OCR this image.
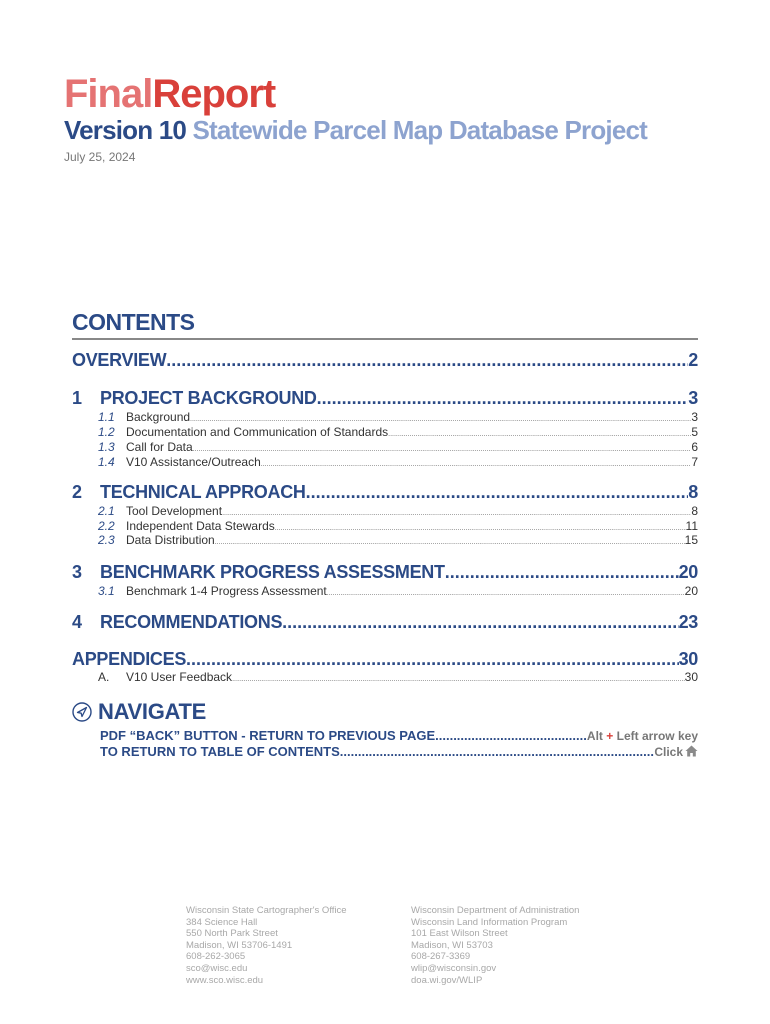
FinalReport
Version 10 Statewide Parcel Map Database Project
July 25, 2024
CONTENTS
OVERVIEW .....	2
1 PROJECT BACKGROUND .....	3
1.1 Background .....	3
1.2 Documentation and Communication of Standards .....	5
1.3 Call for Data .....	6
1.4 V10 Assistance/Outreach .....	7
2 TECHNICAL APPROACH .....	8
2.1 Tool Development .....	8
2.2 Independent Data Stewards .....	11
2.3 Data Distribution .....	15
3 BENCHMARK PROGRESS ASSESSMENT .....	20
3.1 Benchmark 1-4 Progress Assessment .....	20
4 RECOMMENDATIONS .....	23
APPENDICES .....	30
A. V10 User Feedback .....	30
NAVIGATE
PDF “BACK” BUTTON - RETURN TO PREVIOUS PAGE .....	Alt + Left arrow key
TO RETURN TO TABLE OF CONTENTS .....	Click
Wisconsin State Cartographer's Office
384 Science Hall
550 North Park Street
Madison, WI 53706-1491
608-262-3065
sco@wisc.edu
www.sco.wisc.edu
Wisconsin Department of Administration
Wisconsin Land Information Program
101 East Wilson Street
Madison, WI 53703
608-267-3369
wlip@wisconsin.gov
doa.wi.gov/WLIP
